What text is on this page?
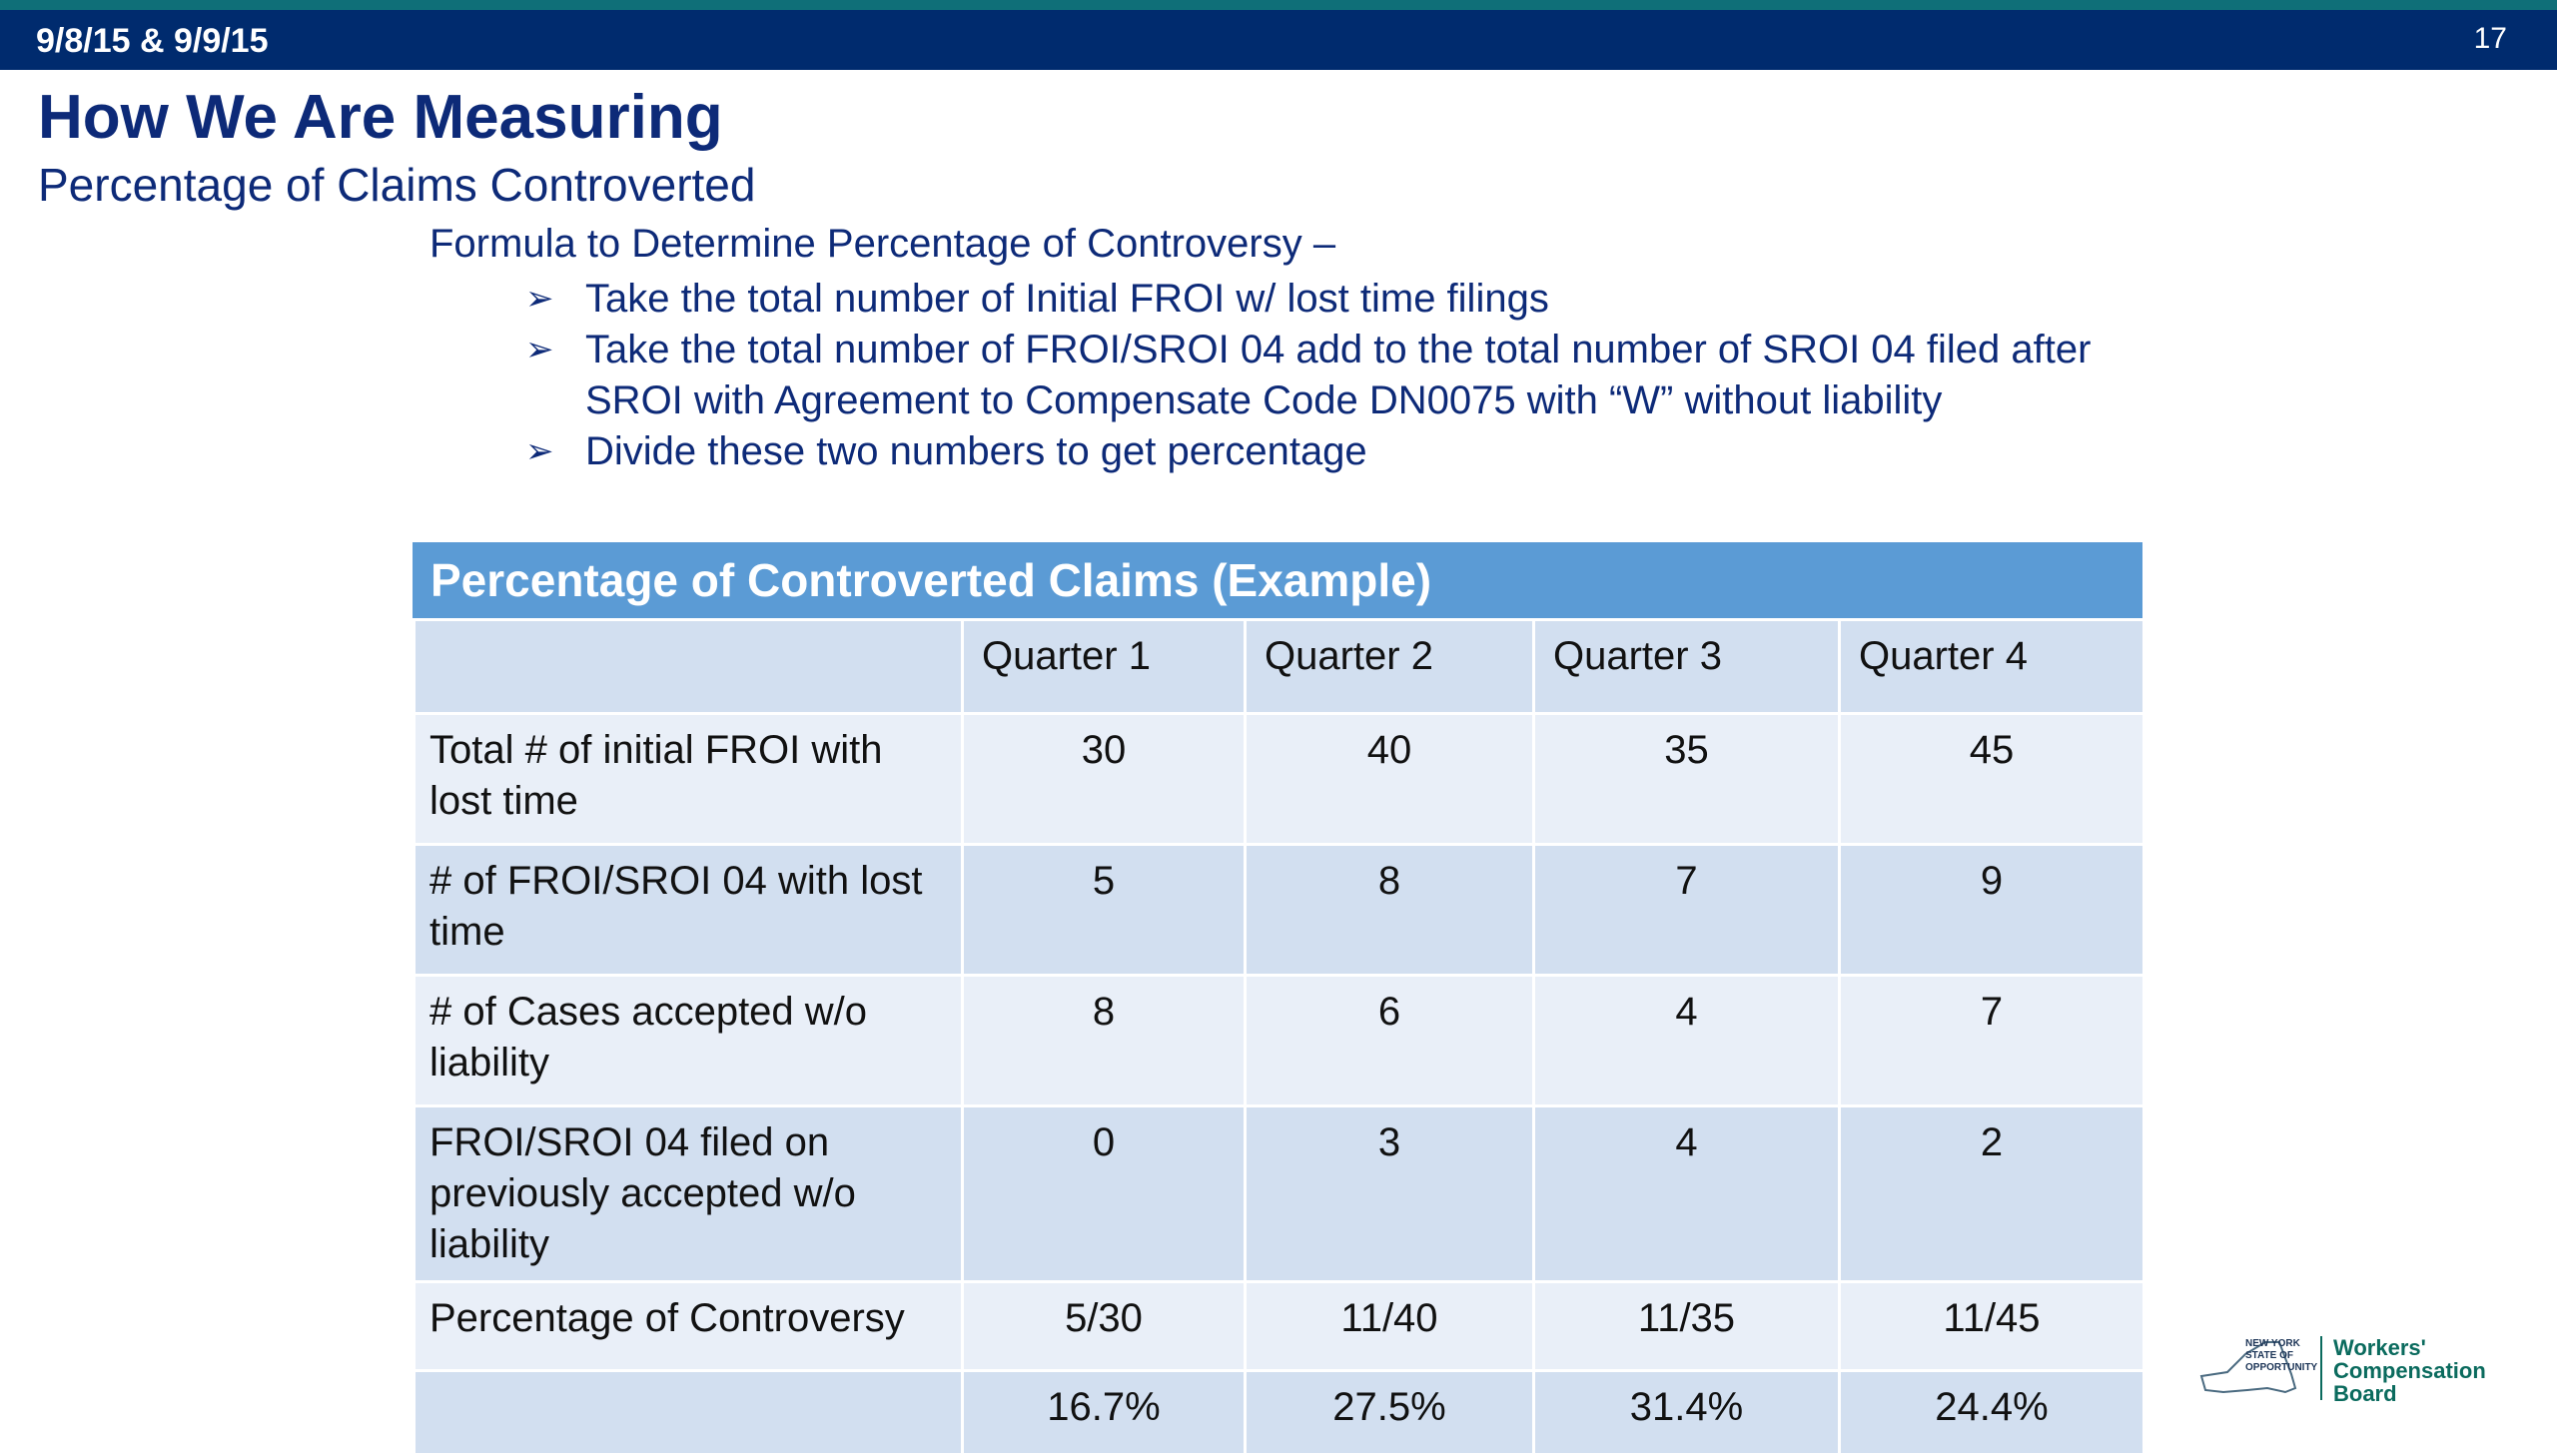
9/8/15 & 9/9/15	17
How We Are Measuring
Percentage of Claims Controverted
Formula to Determine Percentage of Controversy –
➢ Take the total number of Initial FROI w/ lost time filings
➢ Take the total number of FROI/SROI 04 add to the total number of SROI 04 filed after SROI with Agreement to Compensate Code DN0075 with “W” without liability
➢ Divide these two numbers to get percentage
Percentage of Controverted Claims (Example)
	Quarter 1	Quarter 2	Quarter 3	Quarter 4
Total # of initial FROI with lost time	30	40	35	45
# of FROI/SROI 04 with lost time	5	8	7	9
# of Cases accepted w/o liability	8	6	4	7
FROI/SROI 04 filed on previously accepted w/o liability	0	3	4	2
Percentage of Controversy	5/30	11/40	11/35	11/45
	16.7%	27.5%	31.4%	24.4%
NEW YORK STATE OF OPPORTUNITY
Workers'
Compensation
Board
